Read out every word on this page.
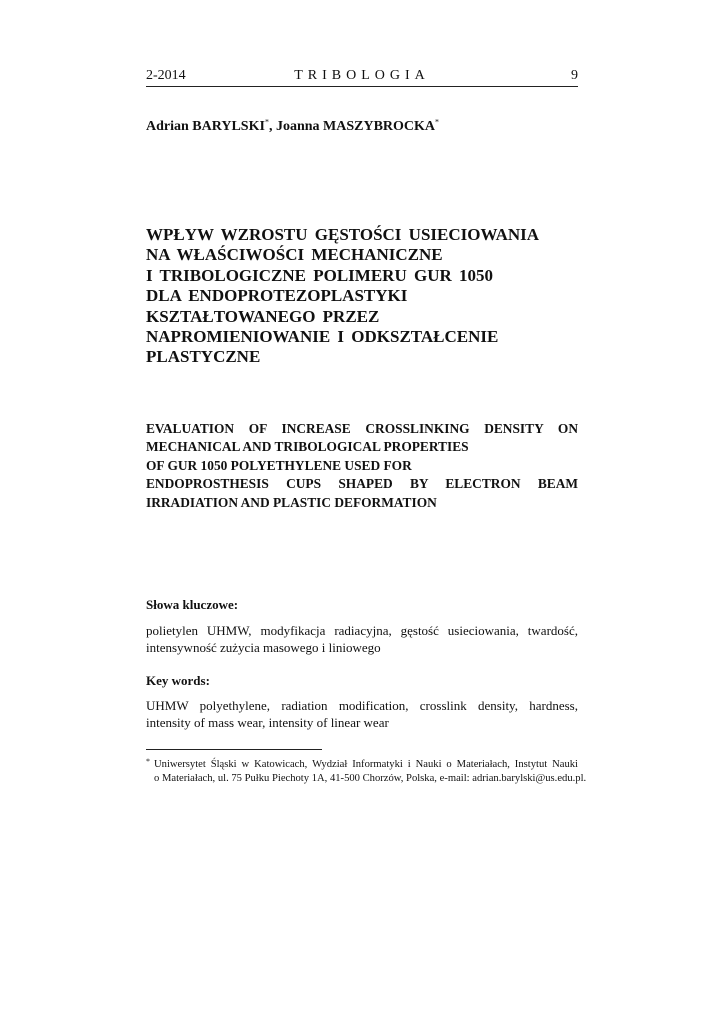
2-2014	TRIBOLOGIA	9
Adrian BARYLSKI*, Joanna MASZYBROCKA*
WPŁYW WZROSTU GĘSTOŚCI USIECIOWANIA
NA WŁAŚCIWOŚCI MECHANICZNE
I TRIBOLOGICZNE POLIMERU GUR 1050
DLA ENDOPROTEZOPLASTYKI
KSZTAŁTOWANEGO PRZEZ
NAPROMIENIOWANIE I ODKSZTAŁCENIE
PLASTYCZNE
EVALUATION OF INCREASE CROSSLINKING DENSITY ON
MECHANICAL AND TRIBOLOGICAL PROPERTIES
OF GUR 1050 POLYETHYLENE USED FOR
ENDOPROSTHESIS CUPS SHAPED BY ELECTRON BEAM
IRRADIATION AND PLASTIC DEFORMATION
Słowa kluczowe:
polietylen UHMW, modyfikacja radiacyjna, gęstość usieciowania, twardość,
intensywność zużycia masowego i liniowego
Key words:
UHMW polyethylene, radiation modification, crosslink density, hardness,
intensity of mass wear, intensity of linear wear
* Uniwersytet Śląski w Katowicach, Wydział Informatyki i Nauki o Materiałach, Instytut Nauki
o Materiałach, ul. 75 Pułku Piechoty 1A, 41-500 Chorzów, Polska, e-mail: adrian.barylski@us.edu.pl.
